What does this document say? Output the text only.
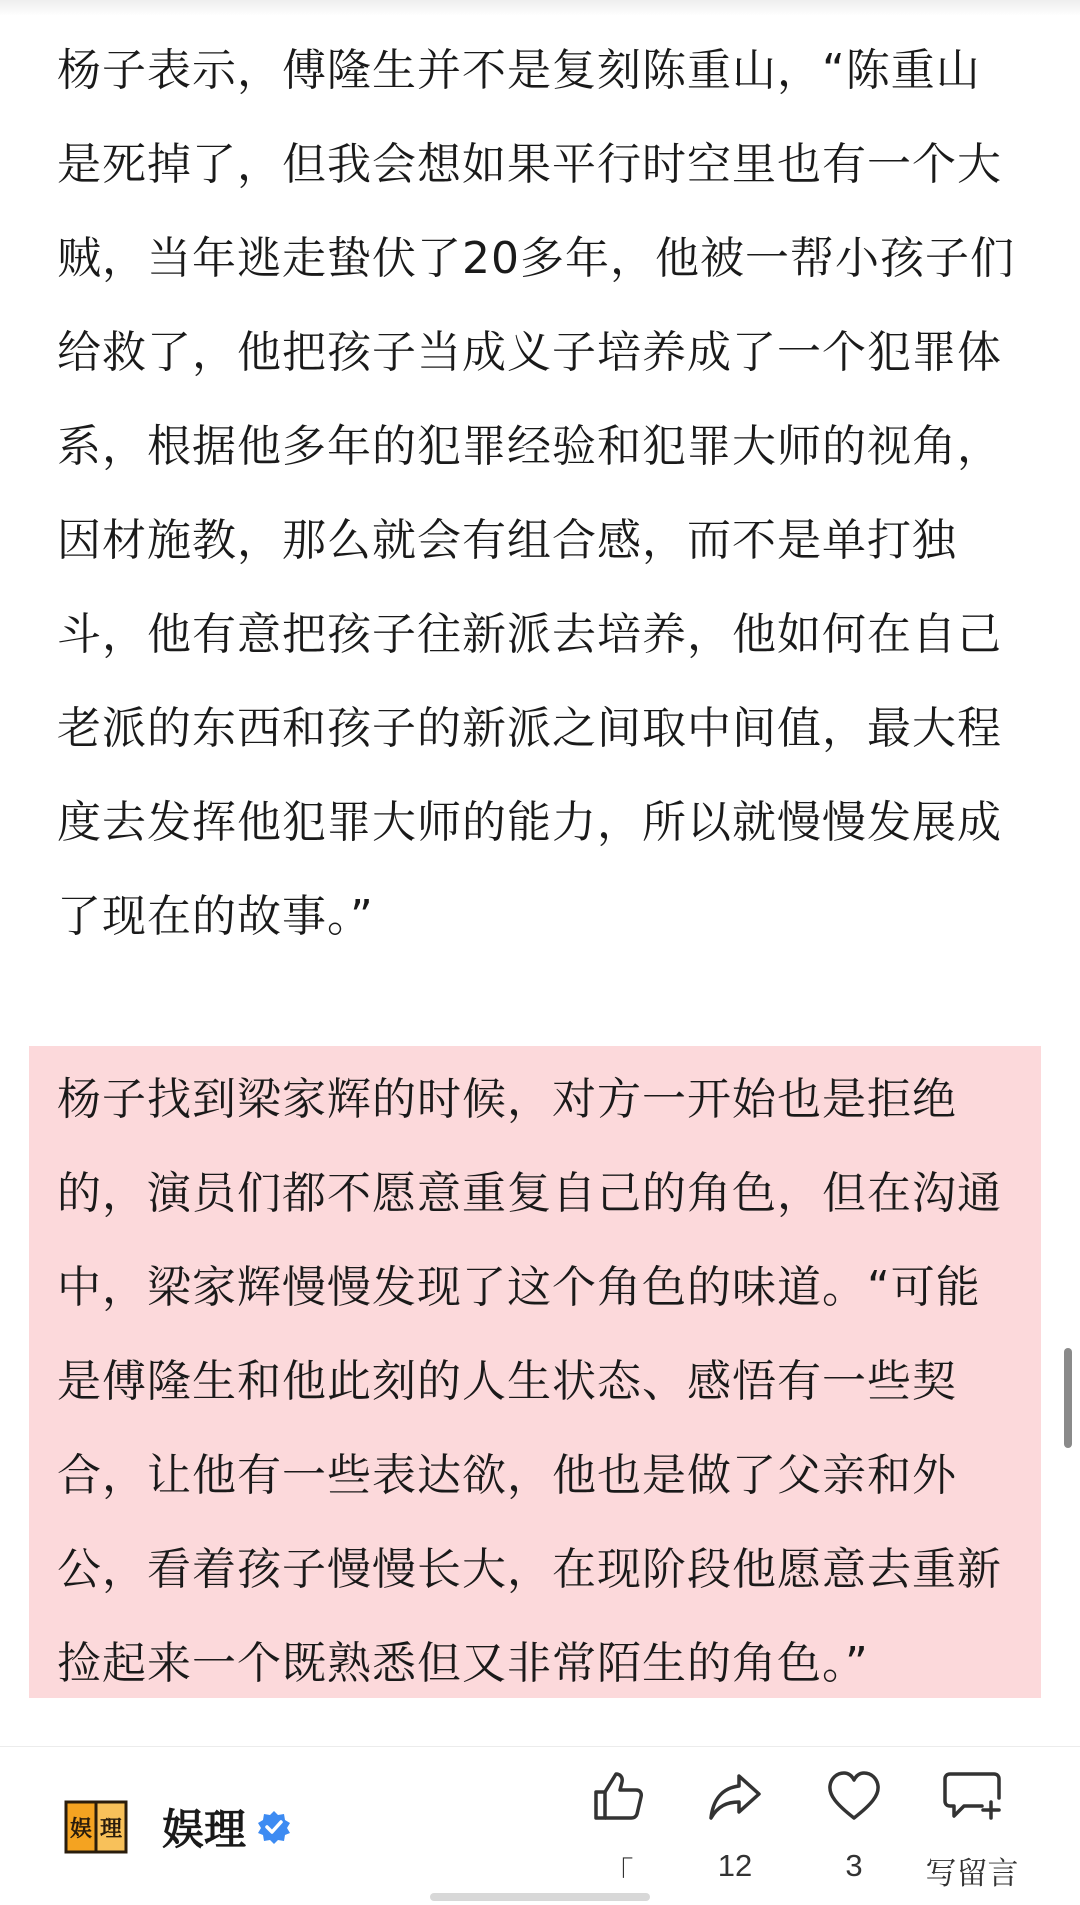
杨子表示，傅隆生并不是复刻陈重山，“陈重山
是死掉了，但我会想如果平行时空里也有一个大
贼，当年逃走蛰伏了20多年，他被一帮小孩子们
给救了，他把孩子当成义子培养成了一个犯罪体
系，根据他多年的犯罪经验和犯罪大师的视角，
因材施教，那么就会有组合感，而不是单打独
斗，他有意把孩子往新派去培养，他如何在自己
老派的东西和孩子的新派之间取中间值，最大程
度去发挥他犯罪大师的能力，所以就慢慢发展成
了现在的故事。”
杨子找到梁家辉的时候，对方一开始也是拒绝
的，演员们都不愿意重复自己的角色，但在沟通
中，梁家辉慢慢发现了这个角色的味道。“可能
是傅隆生和他此刻的人生状态、感悟有一些契
合，让他有一些表达欲，他也是做了父亲和外
公，看着孩子慢慢长大，在现阶段他愿意去重新
捡起来一个既熟悉但又非常陌生的角色。”
娱 理 娱理
「	12	3	写留言
